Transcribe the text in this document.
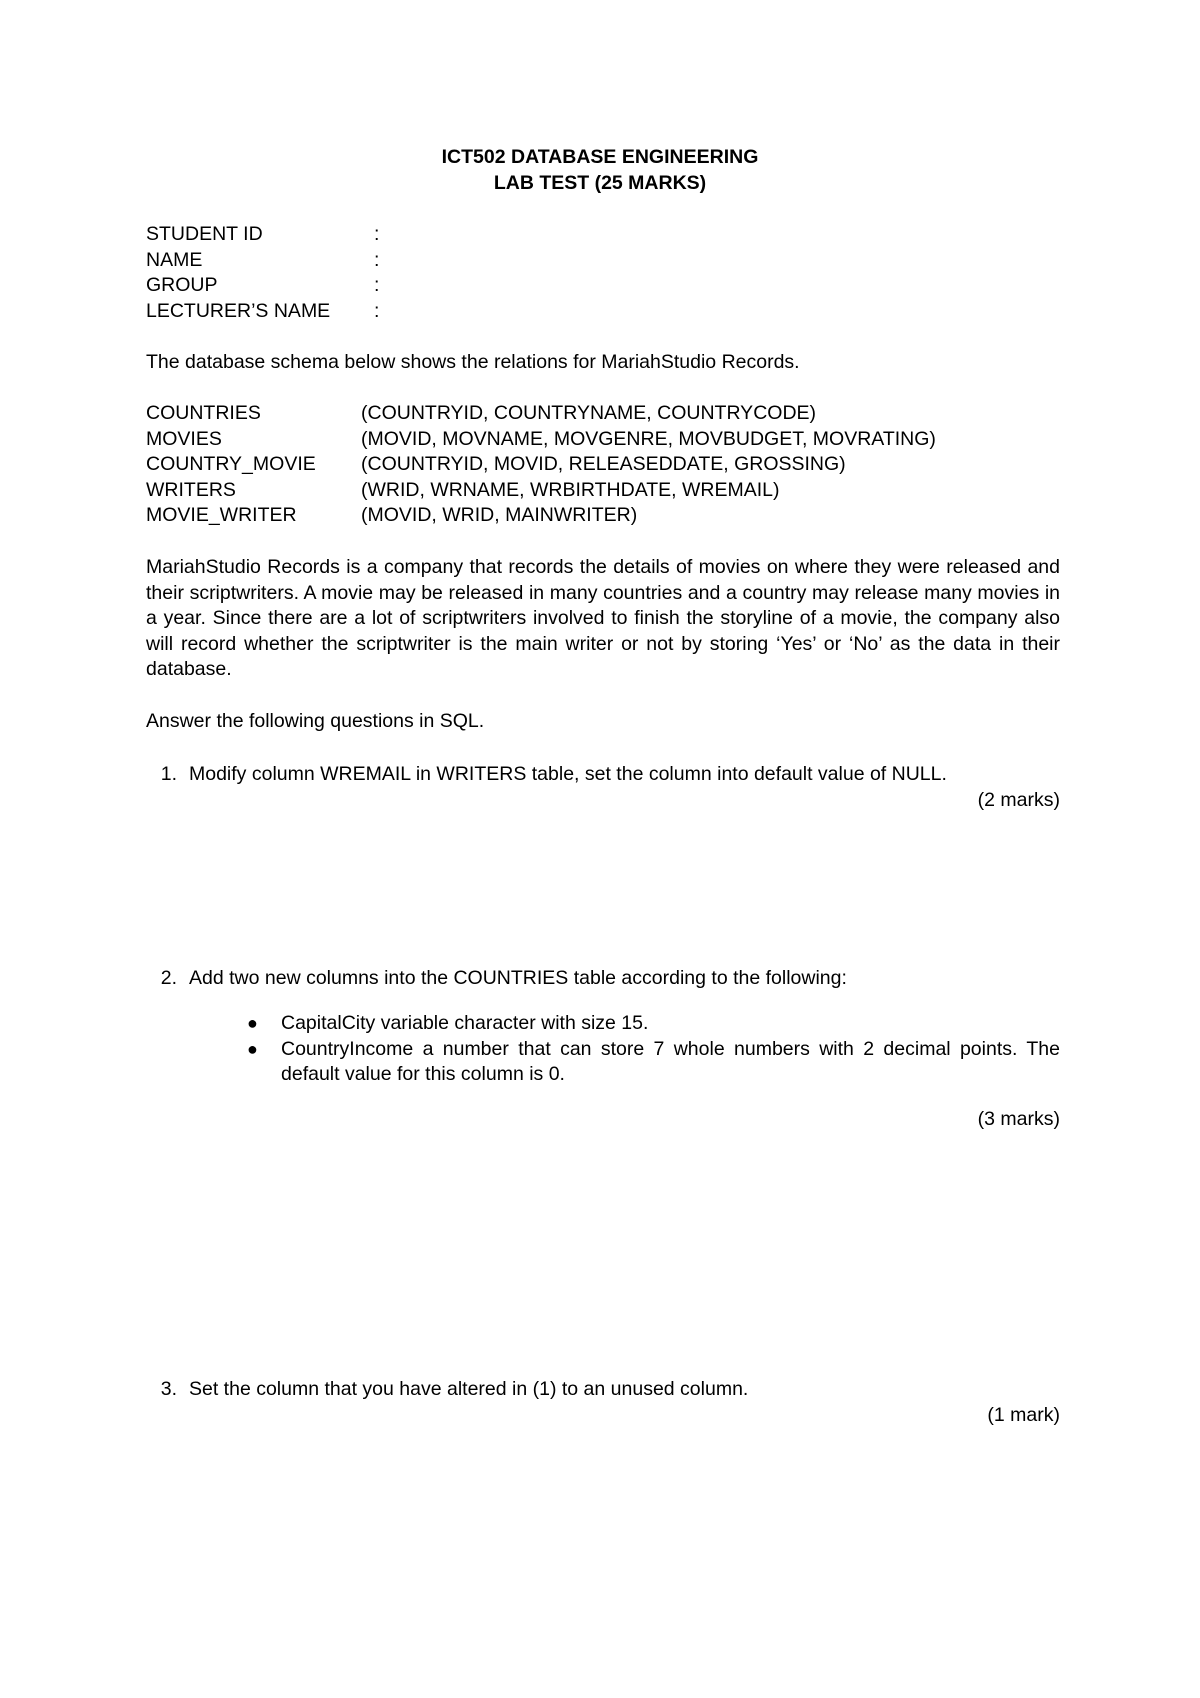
ICT502 DATABASE ENGINEERING
LAB TEST (25 MARKS)
STUDENT ID	:
NAME	:
GROUP	:
LECTURER’S NAME	:
The database schema below shows the relations for MariahStudio Records.
COUNTRIES	(COUNTRYID, COUNTRYNAME, COUNTRYCODE)
MOVIES	(MOVID, MOVNAME, MOVGENRE, MOVBUDGET, MOVRATING)
COUNTRY_MOVIE	(COUNTRYID, MOVID, RELEASEDDATE, GROSSING)
WRITERS	(WRID, WRNAME, WRBIRTHDATE, WREMAIL)
MOVIE_WRITER	(MOVID, WRID, MAINWRITER)
MariahStudio Records is a company that records the details of movies on where they were released and their scriptwriters. A movie may be released in many countries and a country may release many movies in a year. Since there are a lot of scriptwriters involved to finish the storyline of a movie, the company also will record whether the scriptwriter is the main writer or not by storing ‘Yes’ or ‘No’ as the data in their database.
Answer the following questions in SQL.
1. Modify column WREMAIL in WRITERS table, set the column into default value of NULL.
(2 marks)
2. Add two new columns into the COUNTRIES table according to the following:
●	CapitalCity variable character with size 15.
●	CountryIncome a number that can store 7 whole numbers with 2 decimal points. The default value for this column is 0.
(3 marks)
3. Set the column that you have altered in (1) to an unused column.
(1 mark)
